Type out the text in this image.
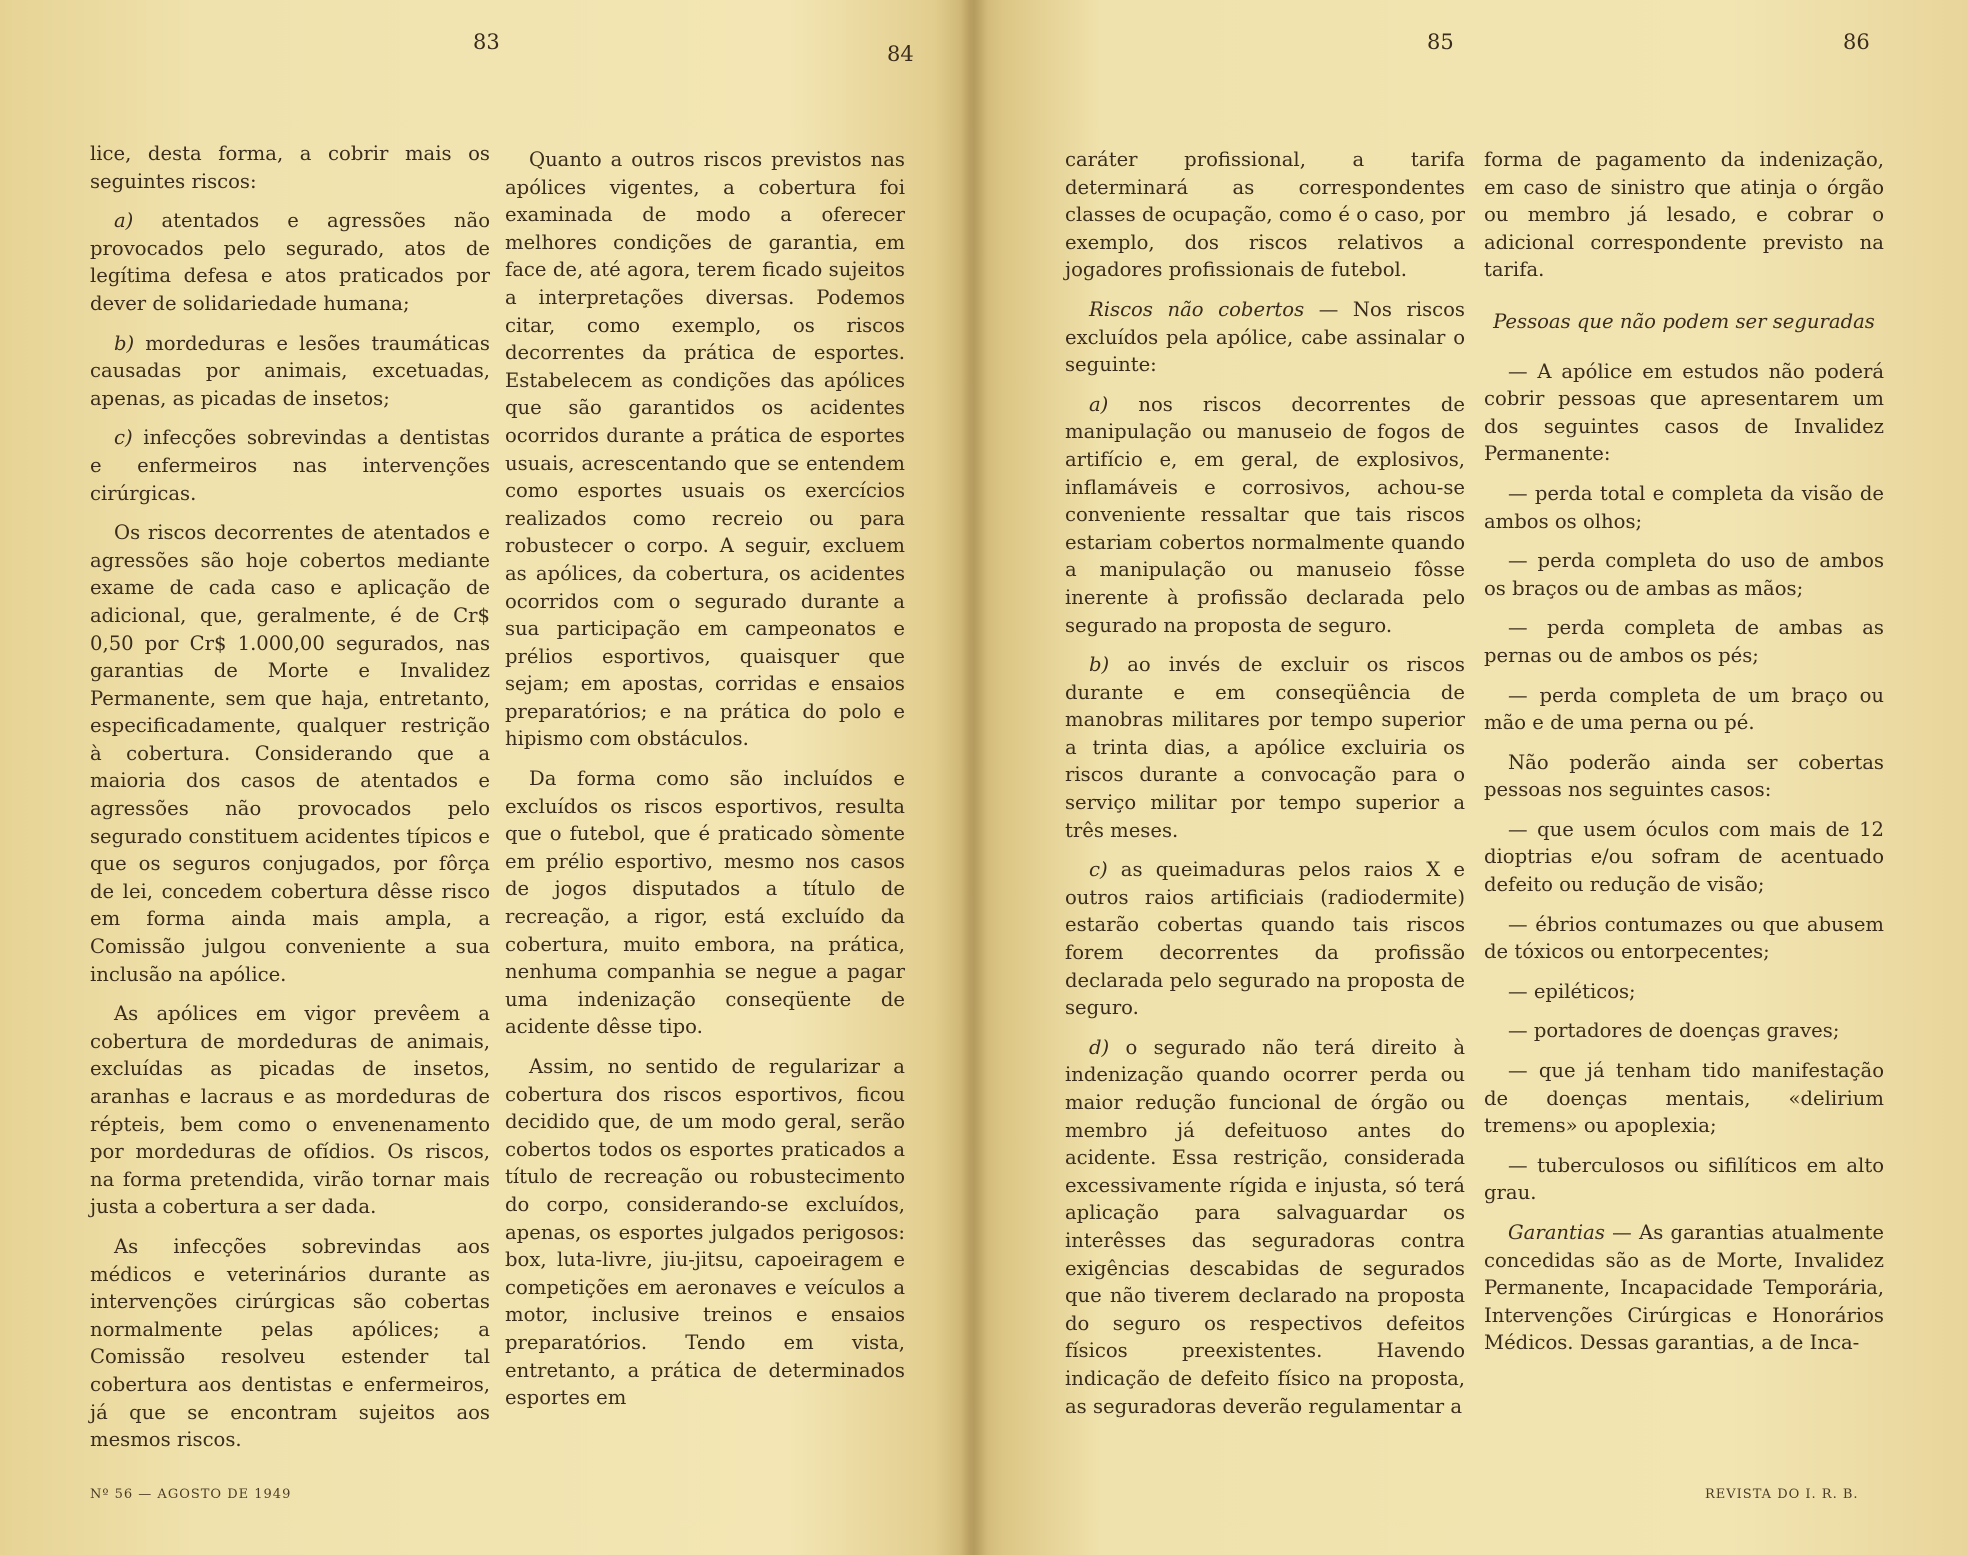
83	84	85	86

lice, desta forma, a cobrir mais os seguintes riscos:

a) atentados e agressões não provocados pelo segurado, atos de legítima defesa e atos praticados por dever de solidariedade humana;

b) mordeduras e lesões traumáticas causadas por animais, excetuadas, apenas, as picadas de insetos;

c) infecções sobrevindas a dentistas e enfermeiros nas intervenções cirúrgicas.

Os riscos decorrentes de atentados e agressões são hoje cobertos mediante exame de cada caso e aplicação de adicional, que, geralmente, é de Cr$ 0,50 por Cr$ 1.000,00 segurados, nas garantias de Morte e Invalidez Permanente, sem que haja, entretanto, especificadamente, qualquer restrição à cobertura. Considerando que a maioria dos casos de atentados e agressões não provocados pelo segurado constituem acidentes típicos e que os seguros conjugados, por fôrça de lei, concedem cobertura dêsse risco em forma ainda mais ampla, a Comissão julgou conveniente a sua inclusão na apólice.

As apólices em vigor prevêem a cobertura de mordeduras de animais, excluídas as picadas de insetos, aranhas e lacraus e as mordeduras de répteis, bem como o envenenamento por mordeduras de ofídios. Os riscos, na forma pretendida, virão tornar mais justa a cobertura a ser dada.

As infecções sobrevindas aos médicos e veterinários durante as intervenções cirúrgicas são cobertas normalmente pelas apólices; a Comissão resolveu estender tal cobertura aos dentistas e enfermeiros, já que se encontram sujeitos aos mesmos riscos.

Quanto a outros riscos previstos nas apólices vigentes, a cobertura foi examinada de modo a oferecer melhores condições de garantia, em face de, até agora, terem ficado sujeitos a interpretações diversas. Podemos citar, como exemplo, os riscos decorrentes da prática de esportes. Estabelecem as condições das apólices que são garantidos os acidentes ocorridos durante a prática de esportes usuais, acrescentando que se entendem como esportes usuais os exercícios realizados como recreio ou para robustecer o corpo. A seguir, excluem as apólices, da cobertura, os acidentes ocorridos com o segurado durante a sua participação em campeonatos e prélios esportivos, quaisquer que sejam; em apostas, corridas e ensaios preparatórios; e na prática do polo e hipismo com obstáculos.

Da forma como são incluídos e excluídos os riscos esportivos, resulta que o futebol, que é praticado sòmente em prélio esportivo, mesmo nos casos de jogos disputados a título de recreação, a rigor, está excluído da cobertura, muito embora, na prática, nenhuma companhia se negue a pagar uma indenização conseqüente de acidente dêsse tipo.

Assim, no sentido de regularizar a cobertura dos riscos esportivos, ficou decidido que, de um modo geral, serão cobertos todos os esportes praticados a título de recreação ou robustecimento do corpo, considerando-se excluídos, apenas, os esportes julgados perigosos: box, luta-livre, jiu-jitsu, capoeiragem e competições em aeronaves e veículos a motor, inclusive treinos e ensaios preparatórios. Tendo em vista, entretanto, a prática de determinados esportes em

caráter profissional, a tarifa determinará as correspondentes classes de ocupação, como é o caso, por exemplo, dos riscos relativos a jogadores profissionais de futebol.

Riscos não cobertos — Nos riscos excluídos pela apólice, cabe assinalar o seguinte:

a) nos riscos decorrentes de manipulação ou manuseio de fogos de artifício e, em geral, de explosivos, inflamáveis e corrosivos, achou-se conveniente ressaltar que tais riscos estariam cobertos normalmente quando a manipulação ou manuseio fôsse inerente à profissão declarada pelo segurado na proposta de seguro.

b) ao invés de excluir os riscos durante e em conseqüência de manobras militares por tempo superior a trinta dias, a apólice excluiria os riscos durante a convocação para o serviço militar por tempo superior a três meses.

c) as queimaduras pelos raios X e outros raios artificiais (radiodermite) estarão cobertas quando tais riscos forem decorrentes da profissão declarada pelo segurado na proposta de seguro.

d) o segurado não terá direito à indenização quando ocorrer perda ou maior redução funcional de órgão ou membro já defeituoso antes do acidente. Essa restrição, considerada excessivamente rígida e injusta, só terá aplicação para salvaguardar os interêsses das seguradoras contra exigências descabidas de segurados que não tiverem declarado na proposta do seguro os respectivos defeitos físicos preexistentes. Havendo indicação de defeito físico na proposta, as seguradoras deverão regulamentar a

forma de pagamento da indenização, em caso de sinistro que atinja o órgão ou membro já lesado, e cobrar o adicional correspondente previsto na tarifa.

Pessoas que não podem ser seguradas

— A apólice em estudos não poderá cobrir pessoas que apresentarem um dos seguintes casos de Invalidez Permanente:

— perda total e completa da visão de ambos os olhos;

— perda completa do uso de ambos os braços ou de ambas as mãos;

— perda completa de ambas as pernas ou de ambos os pés;

— perda completa de um braço ou mão e de uma perna ou pé.

Não poderão ainda ser cobertas pessoas nos seguintes casos:

— que usem óculos com mais de 12 dioptrias e/ou sofram de acentuado defeito ou redução de visão;

— ébrios contumazes ou que abusem de tóxicos ou entorpecentes;

— epiléticos;

— portadores de doenças graves;

— que já tenham tido manifestação de doenças mentais, «delirium tremens» ou apoplexia;

— tuberculosos ou sifilíticos em alto grau.

Garantias — As garantias atualmente concedidas são as de Morte, Invalidez Permanente, Incapacidade Temporária, Intervenções Cirúrgicas e Honorários Médicos. Dessas garantias, a de Inca-

Nº 56 — AGOSTO DE 1949	REVISTA DO I. R. B.
